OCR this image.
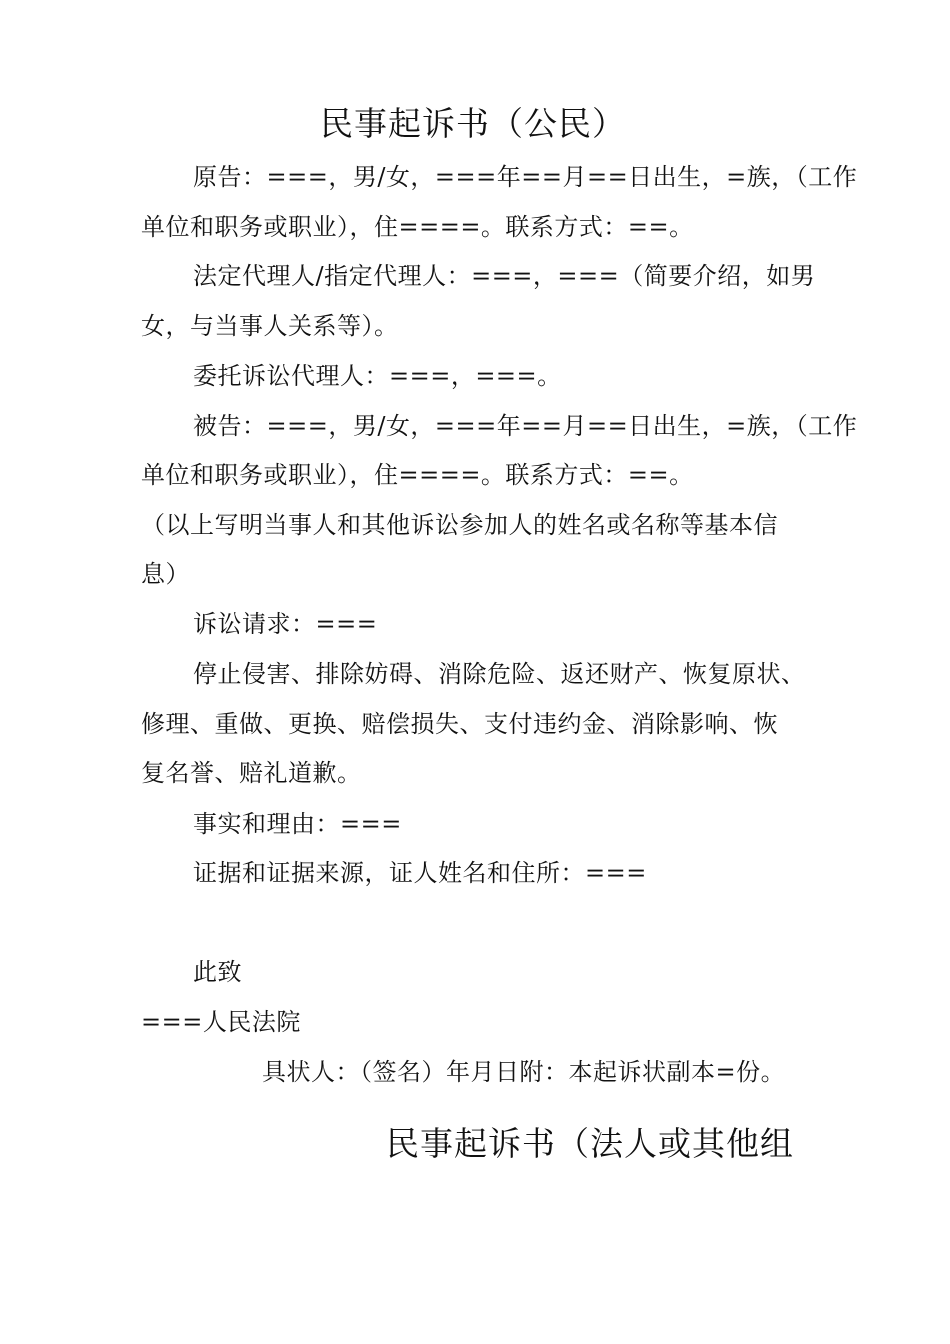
民事起诉书（公民）
原告：===，男/女，===年==月==日出生，=族，（工作
单位和职务或职业），住====。联系方式：==。
法定代理人/指定代理人：===，===（简要介绍，如男
女，与当事人关系等）。
委托诉讼代理人：===，===。
被告：===，男/女，===年==月==日出生，=族，（工作
单位和职务或职业），住====。联系方式：==。
（以上写明当事人和其他诉讼参加人的姓名或名称等基本信
息）
诉讼请求：===
停止侵害、排除妨碍、消除危险、返还财产、恢复原状、
修理、重做、更换、赔偿损失、支付违约金、消除影响、恢
复名誉、赔礼道歉。
事实和理由：===
证据和证据来源，证人姓名和住所：===
此致
===人民法院
具状人：（签名）年月日附：本起诉状副本=份。
民事起诉书（法人或其他组
